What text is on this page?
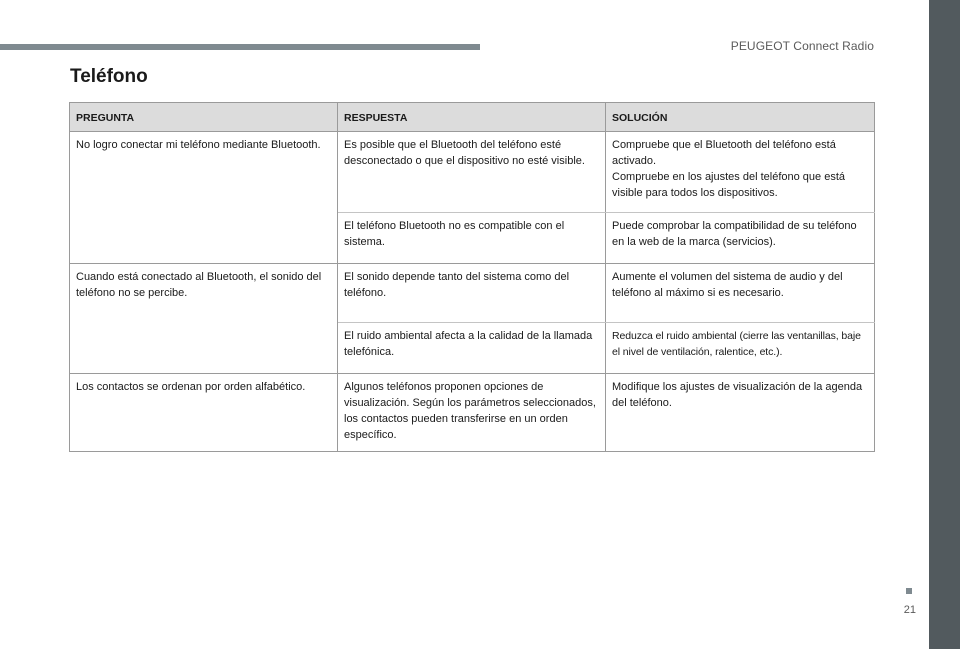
PEUGEOT Connect Radio
Teléfono
PREGUNTA	RESPUESTA	SOLUCIÓN
No logro conectar mi teléfono mediante Bluetooth.	Es posible que el Bluetooth del teléfono esté desconectado o que el dispositivo no esté visible.	Compruebe que el Bluetooth del teléfono está activado.
Compruebe en los ajustes del teléfono que está visible para todos los dispositivos.
	El teléfono Bluetooth no es compatible con el sistema.	Puede comprobar la compatibilidad de su teléfono en la web de la marca (servicios).
Cuando está conectado al Bluetooth, el sonido del teléfono no se percibe.	El sonido depende tanto del sistema como del teléfono.	Aumente el volumen del sistema de audio y del teléfono al máximo si es necesario.
	El ruido ambiental afecta a la calidad de la llamada telefónica.	Reduzca el ruido ambiental (cierre las ventanillas, baje el nivel de ventilación, ralentice, etc.).
Los contactos se ordenan por orden alfabético.	Algunos teléfonos proponen opciones de visualización. Según los parámetros seleccionados, los contactos pueden transferirse en un orden específico.	Modifique los ajustes de visualización de la agenda del teléfono.
21
